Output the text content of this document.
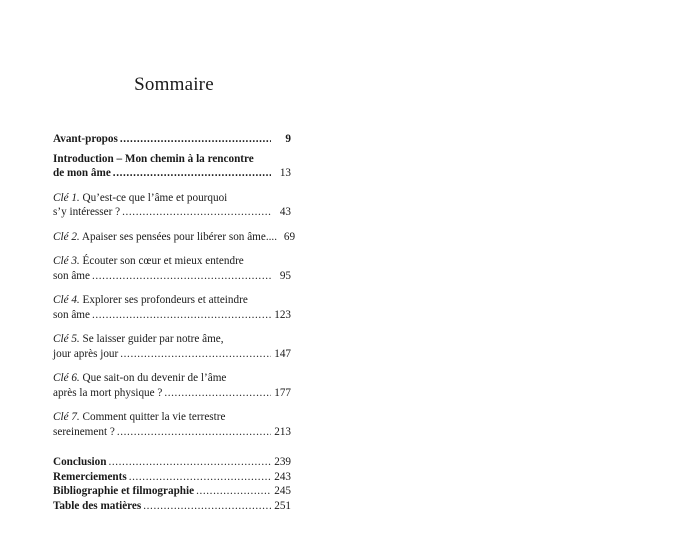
Sommaire
Avant-propos .....	9
Introduction – Mon chemin à la rencontre
de mon âme .....	13
Clé 1. Qu’est-ce que l’âme et pourquoi
s’y intéresser ? .....	43
Clé 2. Apaiser ses pensées pour libérer son âme.... 69
Clé 3. Écouter son cœur et mieux entendre
son âme .....	95
Clé 4. Explorer ses profondeurs et atteindre
son âme .....	123
Clé 5. Se laisser guider par notre âme,
jour après jour .....	147
Clé 6. Que sait-on du devenir de l’âme
après la mort physique ? .....	177
Clé 7. Comment quitter la vie terrestre
sereinement ? .....	213
Conclusion .....	239
Remerciements .....	243
Bibliographie et filmographie .....	245
Table des matières .....	251
